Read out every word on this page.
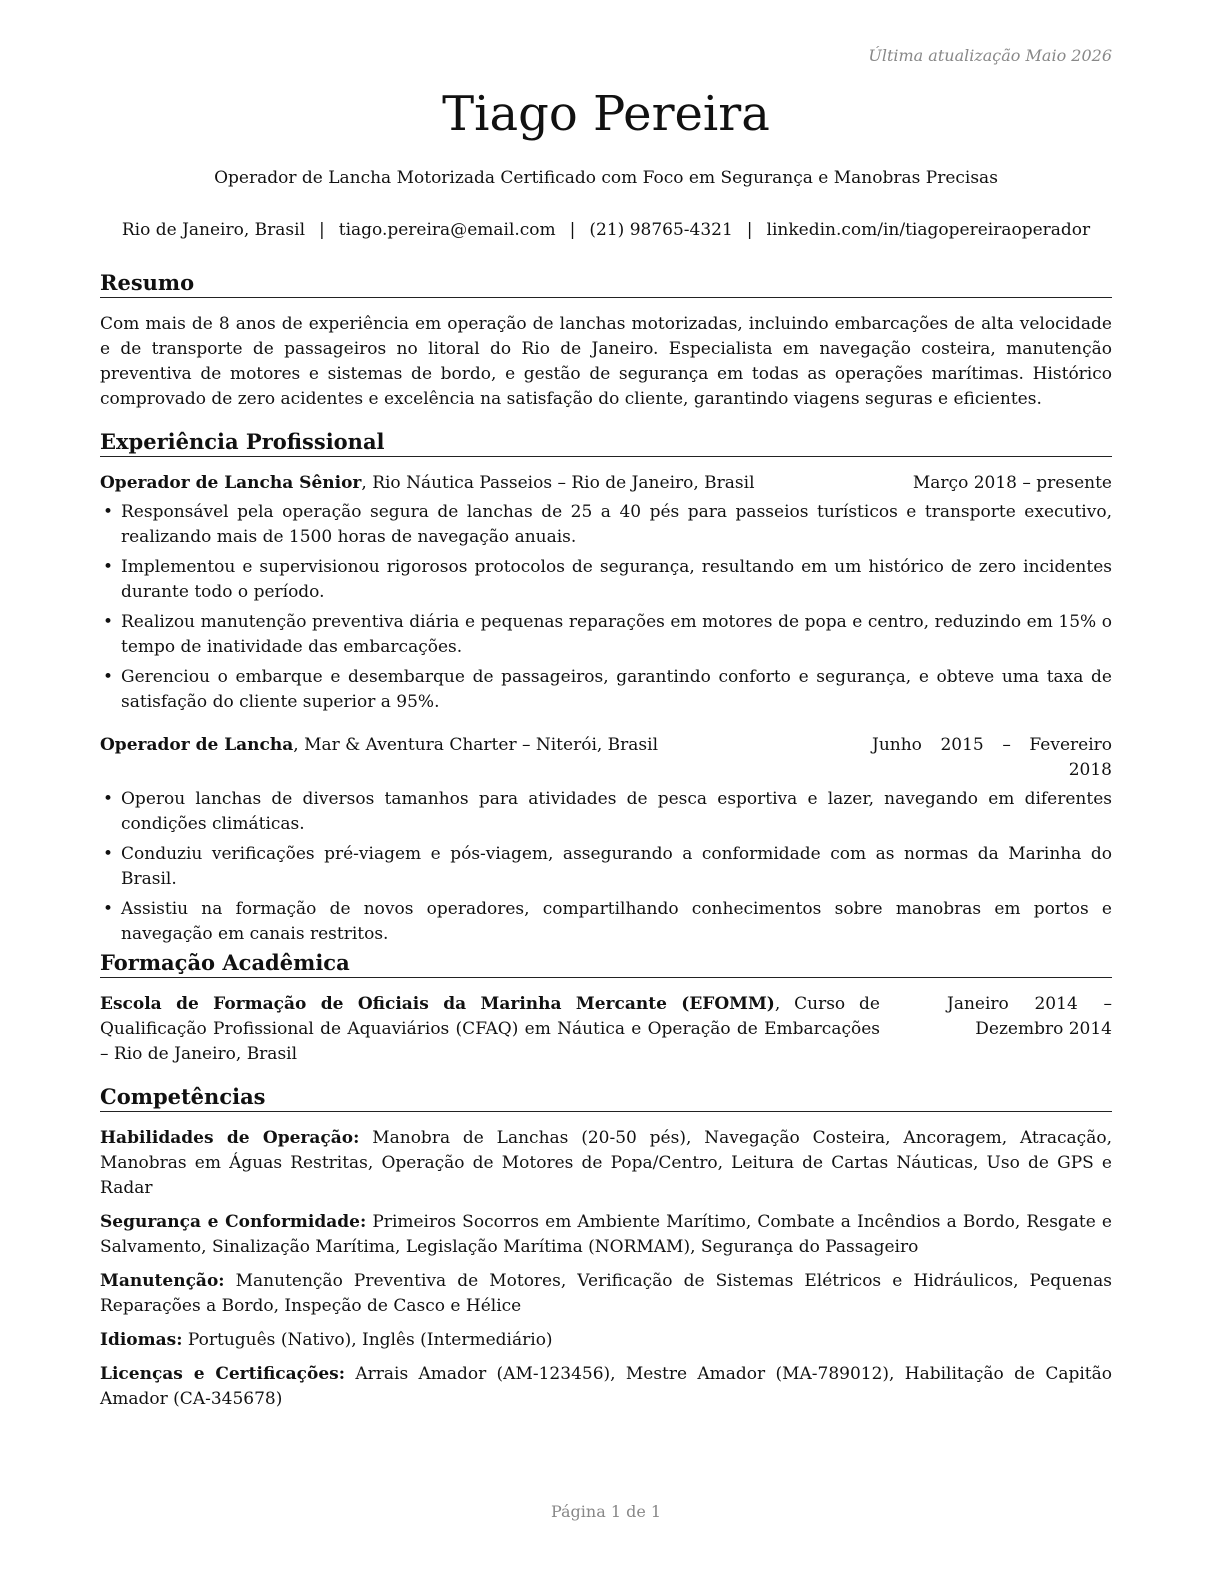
Última atualização Maio 2026
Tiago Pereira
Operador de Lancha Motorizada Certificado com Foco em Segurança e Manobras Precisas
Rio de Janeiro, Brasil | tiago.pereira@email.com | (21) 98765-4321 | linkedin.com/in/tiagopereiraoperador
Resumo

Com mais de 8 anos de experiência em operação de lanchas motorizadas, incluindo embarcações de alta velocidade e de transporte de passageiros no litoral do Rio de Janeiro. Especialista em navegação costeira, manutenção preventiva de motores e sistemas de bordo, e gestão de segurança em todas as operações marítimas. Histórico comprovado de zero acidentes e excelência na satisfação do cliente, garantindo viagens seguras e eficientes.

Experiência Profissional
Operador de Lancha Sênior, Rio Náutica Passeios – Rio de Janeiro, Brasil	Março 2018 – presente
• Responsável pela operação segura de lanchas de 25 a 40 pés para passeios turísticos e transporte executivo, realizando mais de 1500 horas de navegação anuais.
• Implementou e supervisionou rigorosos protocolos de segurança, resultando em um histórico de zero incidentes durante todo o período.
• Realizou manutenção preventiva diária e pequenas reparações em motores de popa e centro, reduzindo em 15% o tempo de inatividade das embarcações.
• Gerenciou o embarque e desembarque de passageiros, garantindo conforto e segurança, e obteve uma taxa de satisfação do cliente superior a 95%.
Operador de Lancha, Mar & Aventura Charter – Niterói, Brasil	Junho 2015 – Fevereiro 2018
• Operou lanchas de diversos tamanhos para atividades de pesca esportiva e lazer, navegando em diferentes condições climáticas.
• Conduziu verificações pré-viagem e pós-viagem, assegurando a conformidade com as normas da Marinha do Brasil.
• Assistiu na formação de novos operadores, compartilhando conhecimentos sobre manobras em portos e navegação em canais restritos.
Formação Acadêmica
Escola de Formação de Oficiais da Marinha Mercante (EFOMM), Curso de Qualificação Profissional de Aquaviários (CFAQ) em Náutica e Operação de Embarcações – Rio de Janeiro, Brasil
Janeiro 2014 – Dezembro 2014
Competências

Habilidades de Operação: Manobra de Lanchas (20-50 pés), Navegação Costeira, Ancoragem, Atracação, Manobras em Águas Restritas, Operação de Motores de Popa/Centro, Leitura de Cartas Náuticas, Uso de GPS e Radar

Segurança e Conformidade: Primeiros Socorros em Ambiente Marítimo, Combate a Incêndios a Bordo, Resgate e Salvamento, Sinalização Marítima, Legislação Marítima (NORMAM), Segurança do Passageiro

Manutenção: Manutenção Preventiva de Motores, Verificação de Sistemas Elétricos e Hidráulicos, Pequenas Reparações a Bordo, Inspeção de Casco e Hélice

Idiomas: Português (Nativo), Inglês (Intermediário)

Licenças e Certificações: Arrais Amador (AM-123456), Mestre Amador (MA-789012), Habilitação de Capitão Amador (CA-345678)

Página 1 de 1
